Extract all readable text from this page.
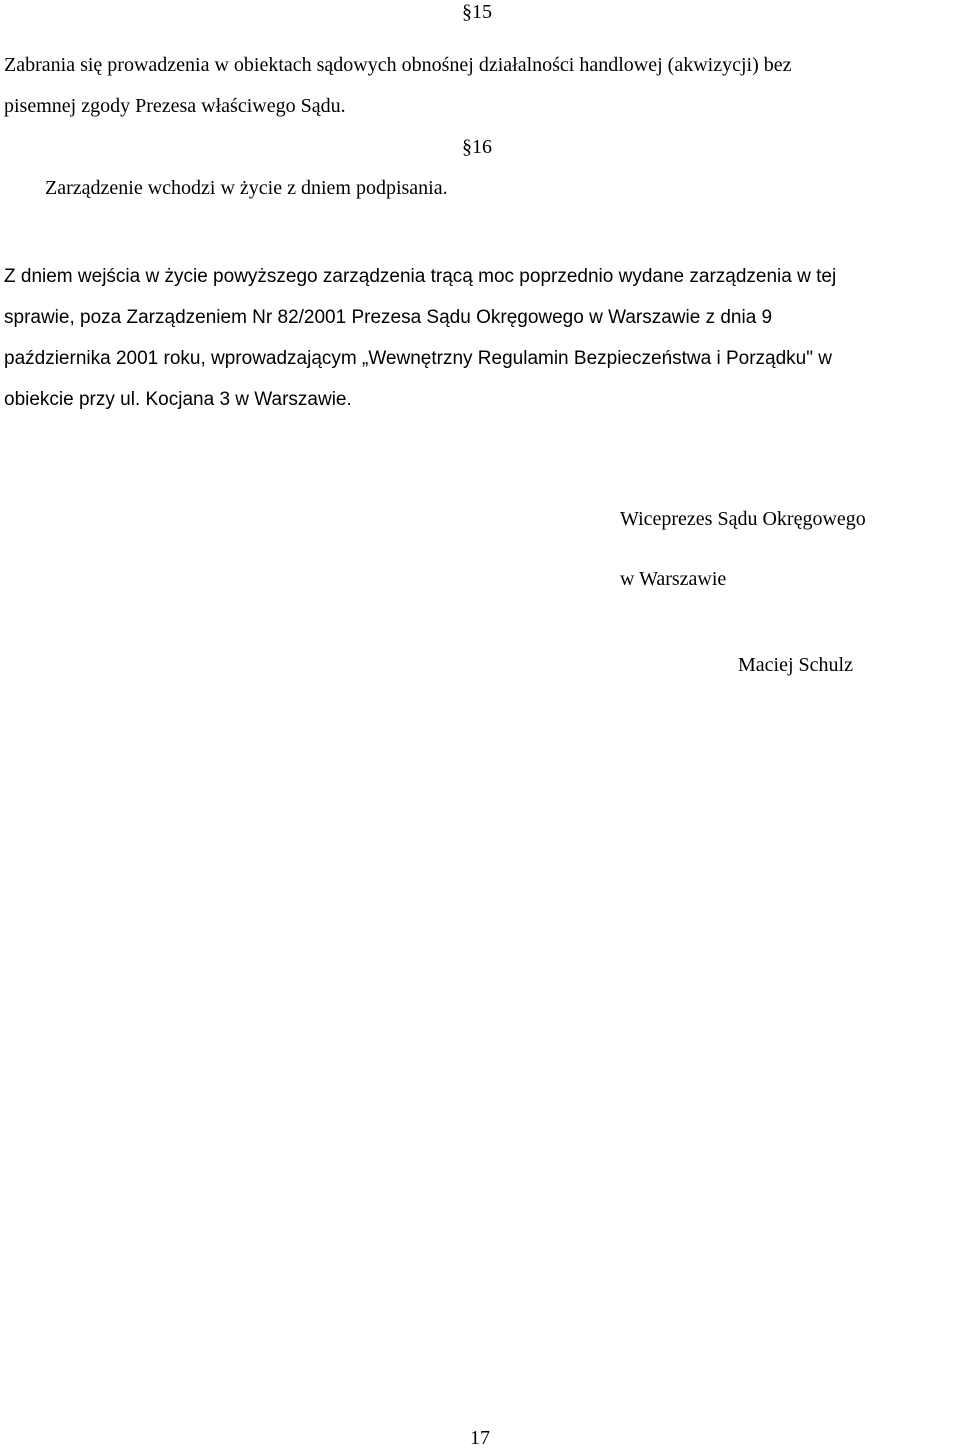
§15
Zabrania się prowadzenia w obiektach sądowych obnośnej działalności handlowej (akwizycji) bez
pisemnej zgody Prezesa właściwego Sądu.
§16
Zarządzenie wchodzi w życie z dniem podpisania.
Z dniem wejścia w życie powyższego zarządzenia trącą moc poprzednio wydane zarządzenia w tej
sprawie, poza Zarządzeniem Nr 82/2001 Prezesa Sądu Okręgowego w Warszawie z dnia 9
października 2001 roku, wprowadzającym „Wewnętrzny Regulamin Bezpieczeństwa i Porządku" w
obiekcie przy ul. Kocjana 3 w Warszawie.
Wiceprezes Sądu Okręgowego
w Warszawie
Maciej Schulz
17
